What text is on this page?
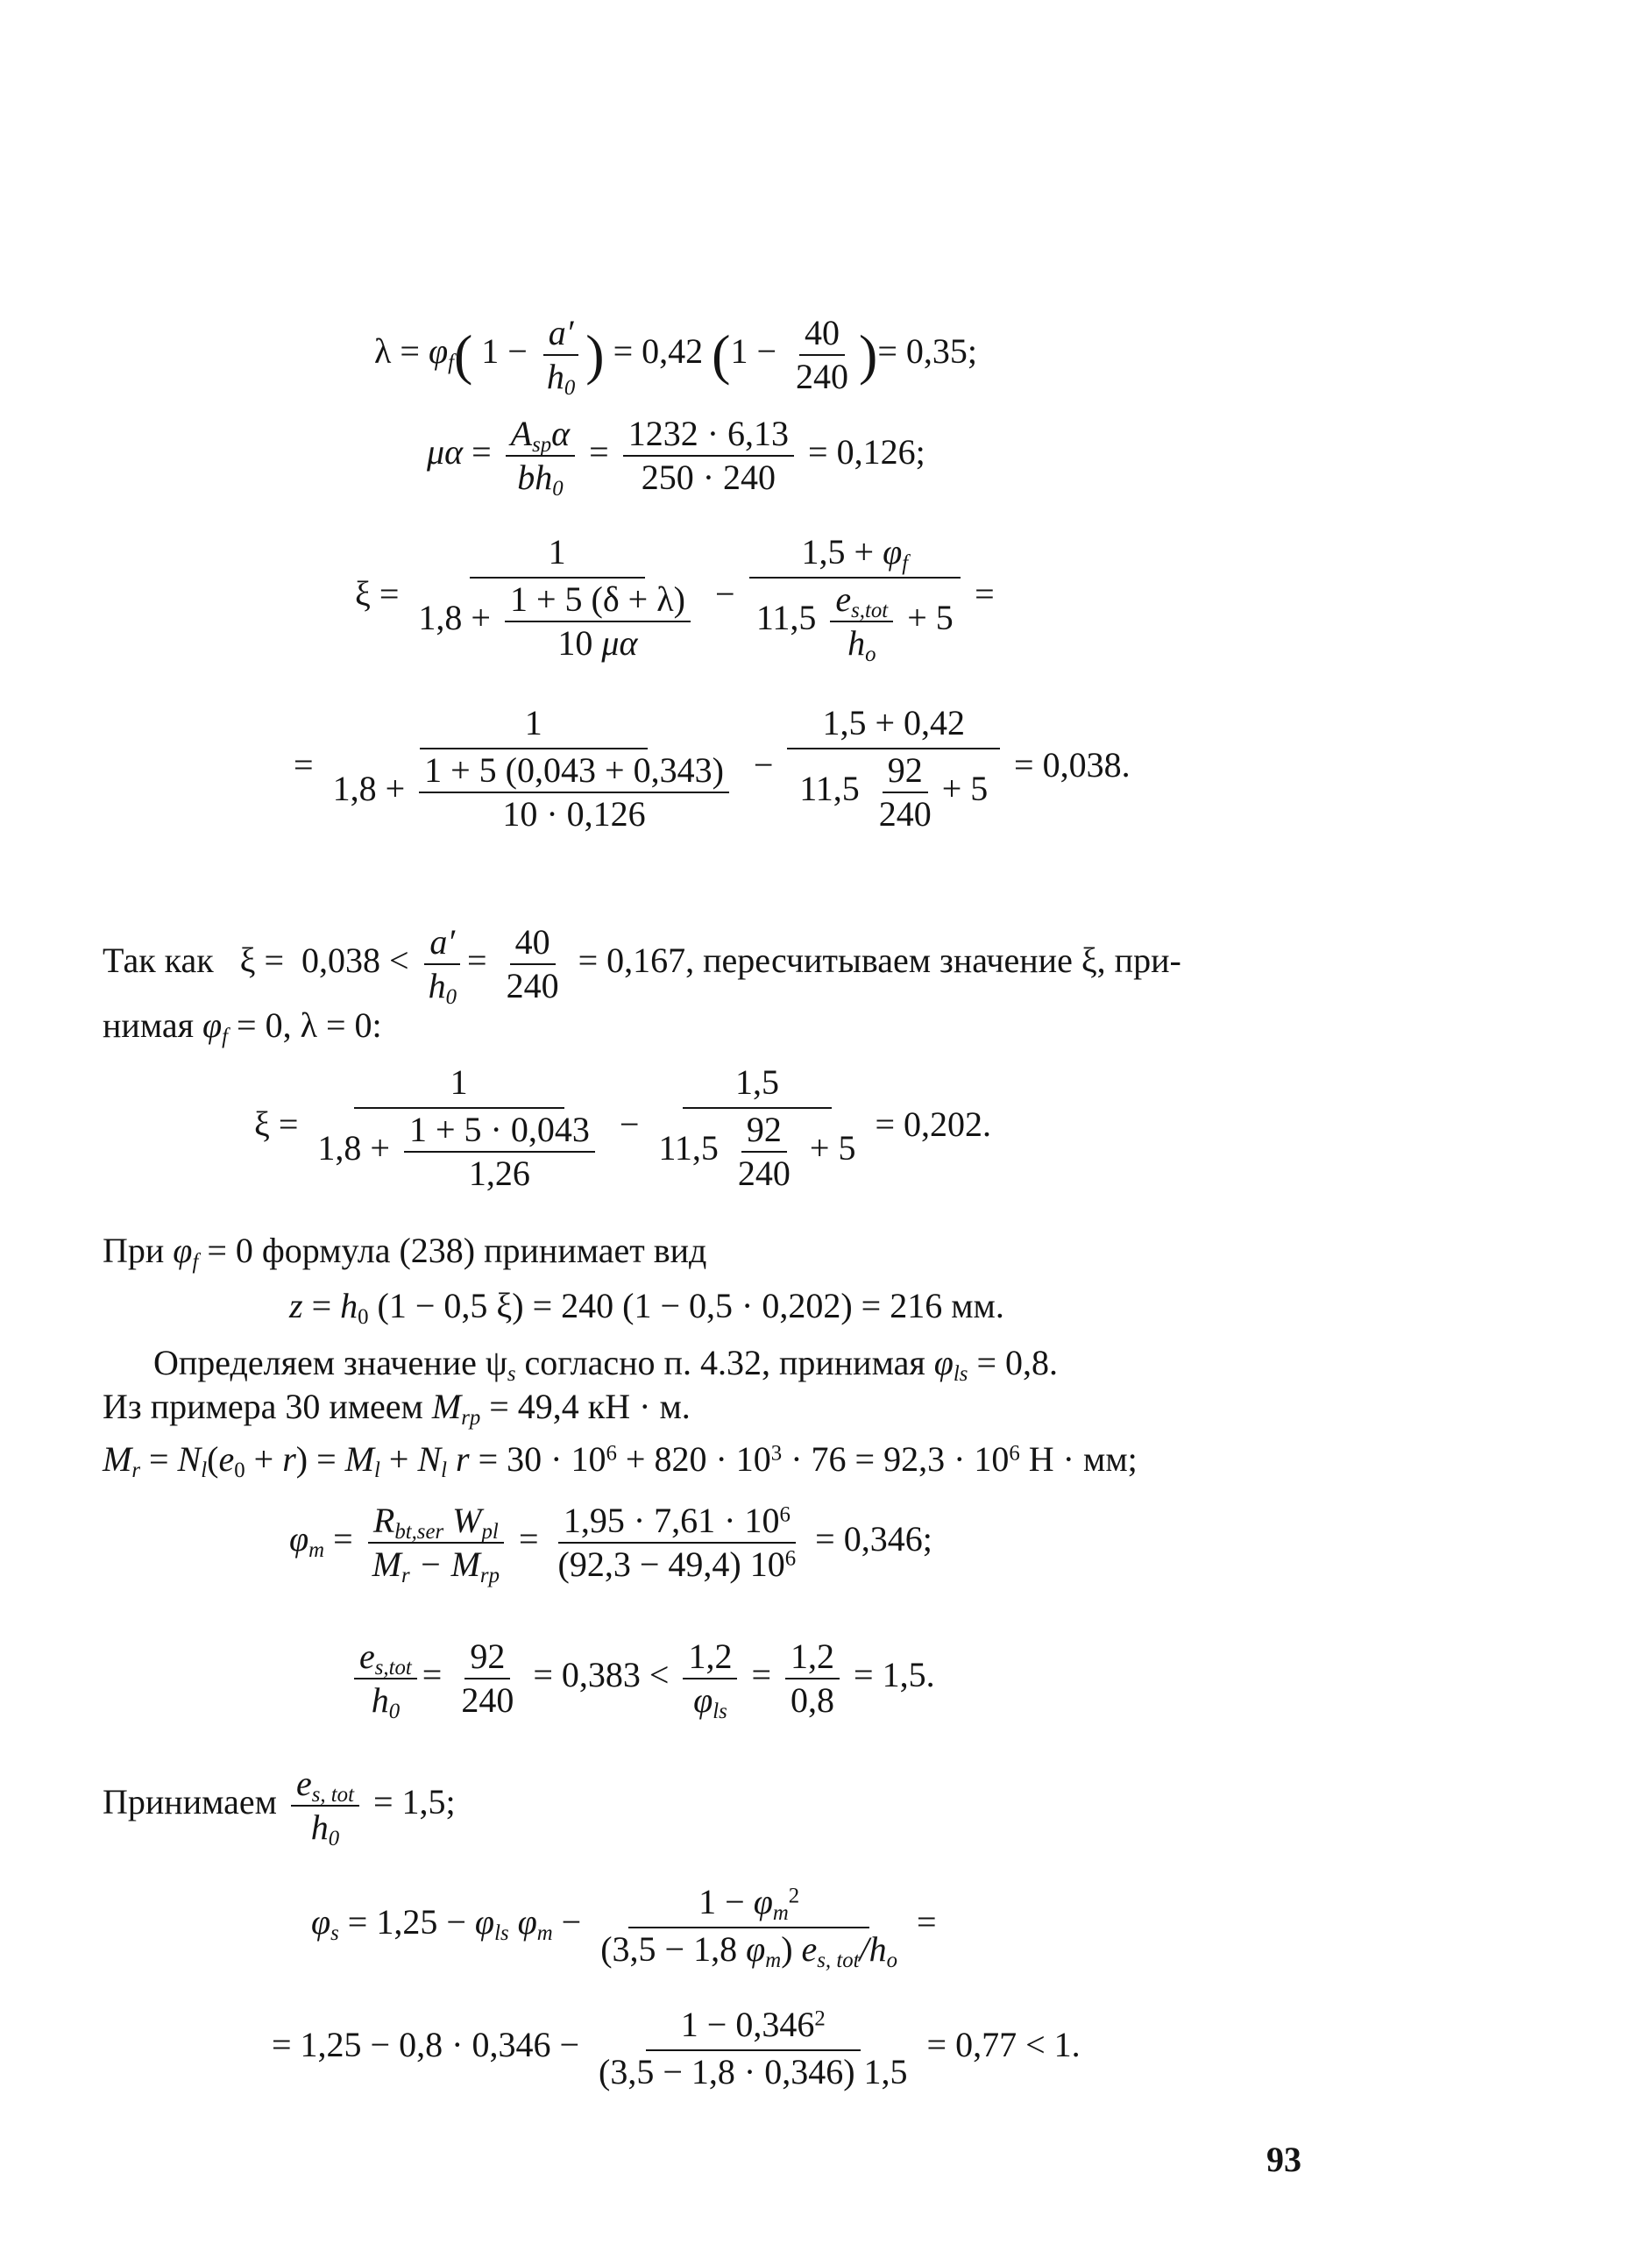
$\lambda = \varphi_f$( $1 - \frac{a'}{h_0}$ ) = 0,42 ($1 - \frac{40}{240}$ )= 0,35;
$\mu\alpha = \frac{A_{sp}\alpha}{bh_0} = \frac{1232 \cdot 6,13}{250 \cdot 240} = 0,126$;
$\xi = \frac{1}{1,8 + \frac{1 + 5 (\delta + \lambda)}{10 \mu\alpha}} - \frac{1,5 + \varphi_f}{11,5 \frac{e_{s,tot}}{h_o} + 5}$ =
= $\frac{1}{1,8 + \frac{1 + 5 (0,043 + 0,343)}{10 \cdot 0,126}} - \frac{1,5 + 0,42}{11,5 \frac{92}{240} + 5} = 0,038$.
Так как   $\xi = 0,038 < \frac{a'}{h_0} = \frac{40}{240} = 0,167$, пересчитываем значение ξ, при-
нимая $\varphi_f = 0$, λ = 0:
$\xi = \frac{1}{1,8 + \frac{1 + 5 \cdot 0,043}{1,26}} - \frac{1,5}{11,5 \frac{92}{240} + 5} = 0,202$.
При $\varphi_f = 0$ формула (238) принимает вид
$z = h_0$ (1 − 0,5 ξ) = 240 (1 − 0,5 · 0,202) = 216 мм.
Определяем значение $\psi_s$ согласно п. 4.32, принимая $\varphi_{ls} = 0,8$.
Из примера 30 имеем $M_{rp} = 49,4$ кН · м.
$M_r = N_l(e_0 + r) = M_l + N_l$ $r = 30 \cdot 10^6 + 820 \cdot 10^3 \cdot 76 = 92,3 \cdot 10^6$ Н · мм;
$\varphi_m = \frac{R_{bt,ser} W_{pl}}{M_r - M_{rp}} = \frac{1,95 \cdot 7,61 \cdot 10^6}{(92,3 - 49,4) 10^6} = 0,346$;
$\frac{e_{s,tot}}{h_0} = \frac{92}{240} = 0,383 < \frac{1,2}{\varphi_{ls}} = \frac{1,2}{0,8} = 1,5$.
Принимаем $\frac{e_{s, tot}}{h_0} = 1,5$;
$\varphi_s = 1,25 - \varphi_{ls}$ $\varphi_m - \frac{1 - \varphi_m^2}{(3,5 - 1,8 \varphi_m) e_{s, tot}/h_o}$ =
= $1,25 - 0,8 \cdot 0,346 - \frac{1 - 0,346^2}{(3,5 - 1,8 \cdot 0,346) 1,5} = 0,77 < 1$.
93
